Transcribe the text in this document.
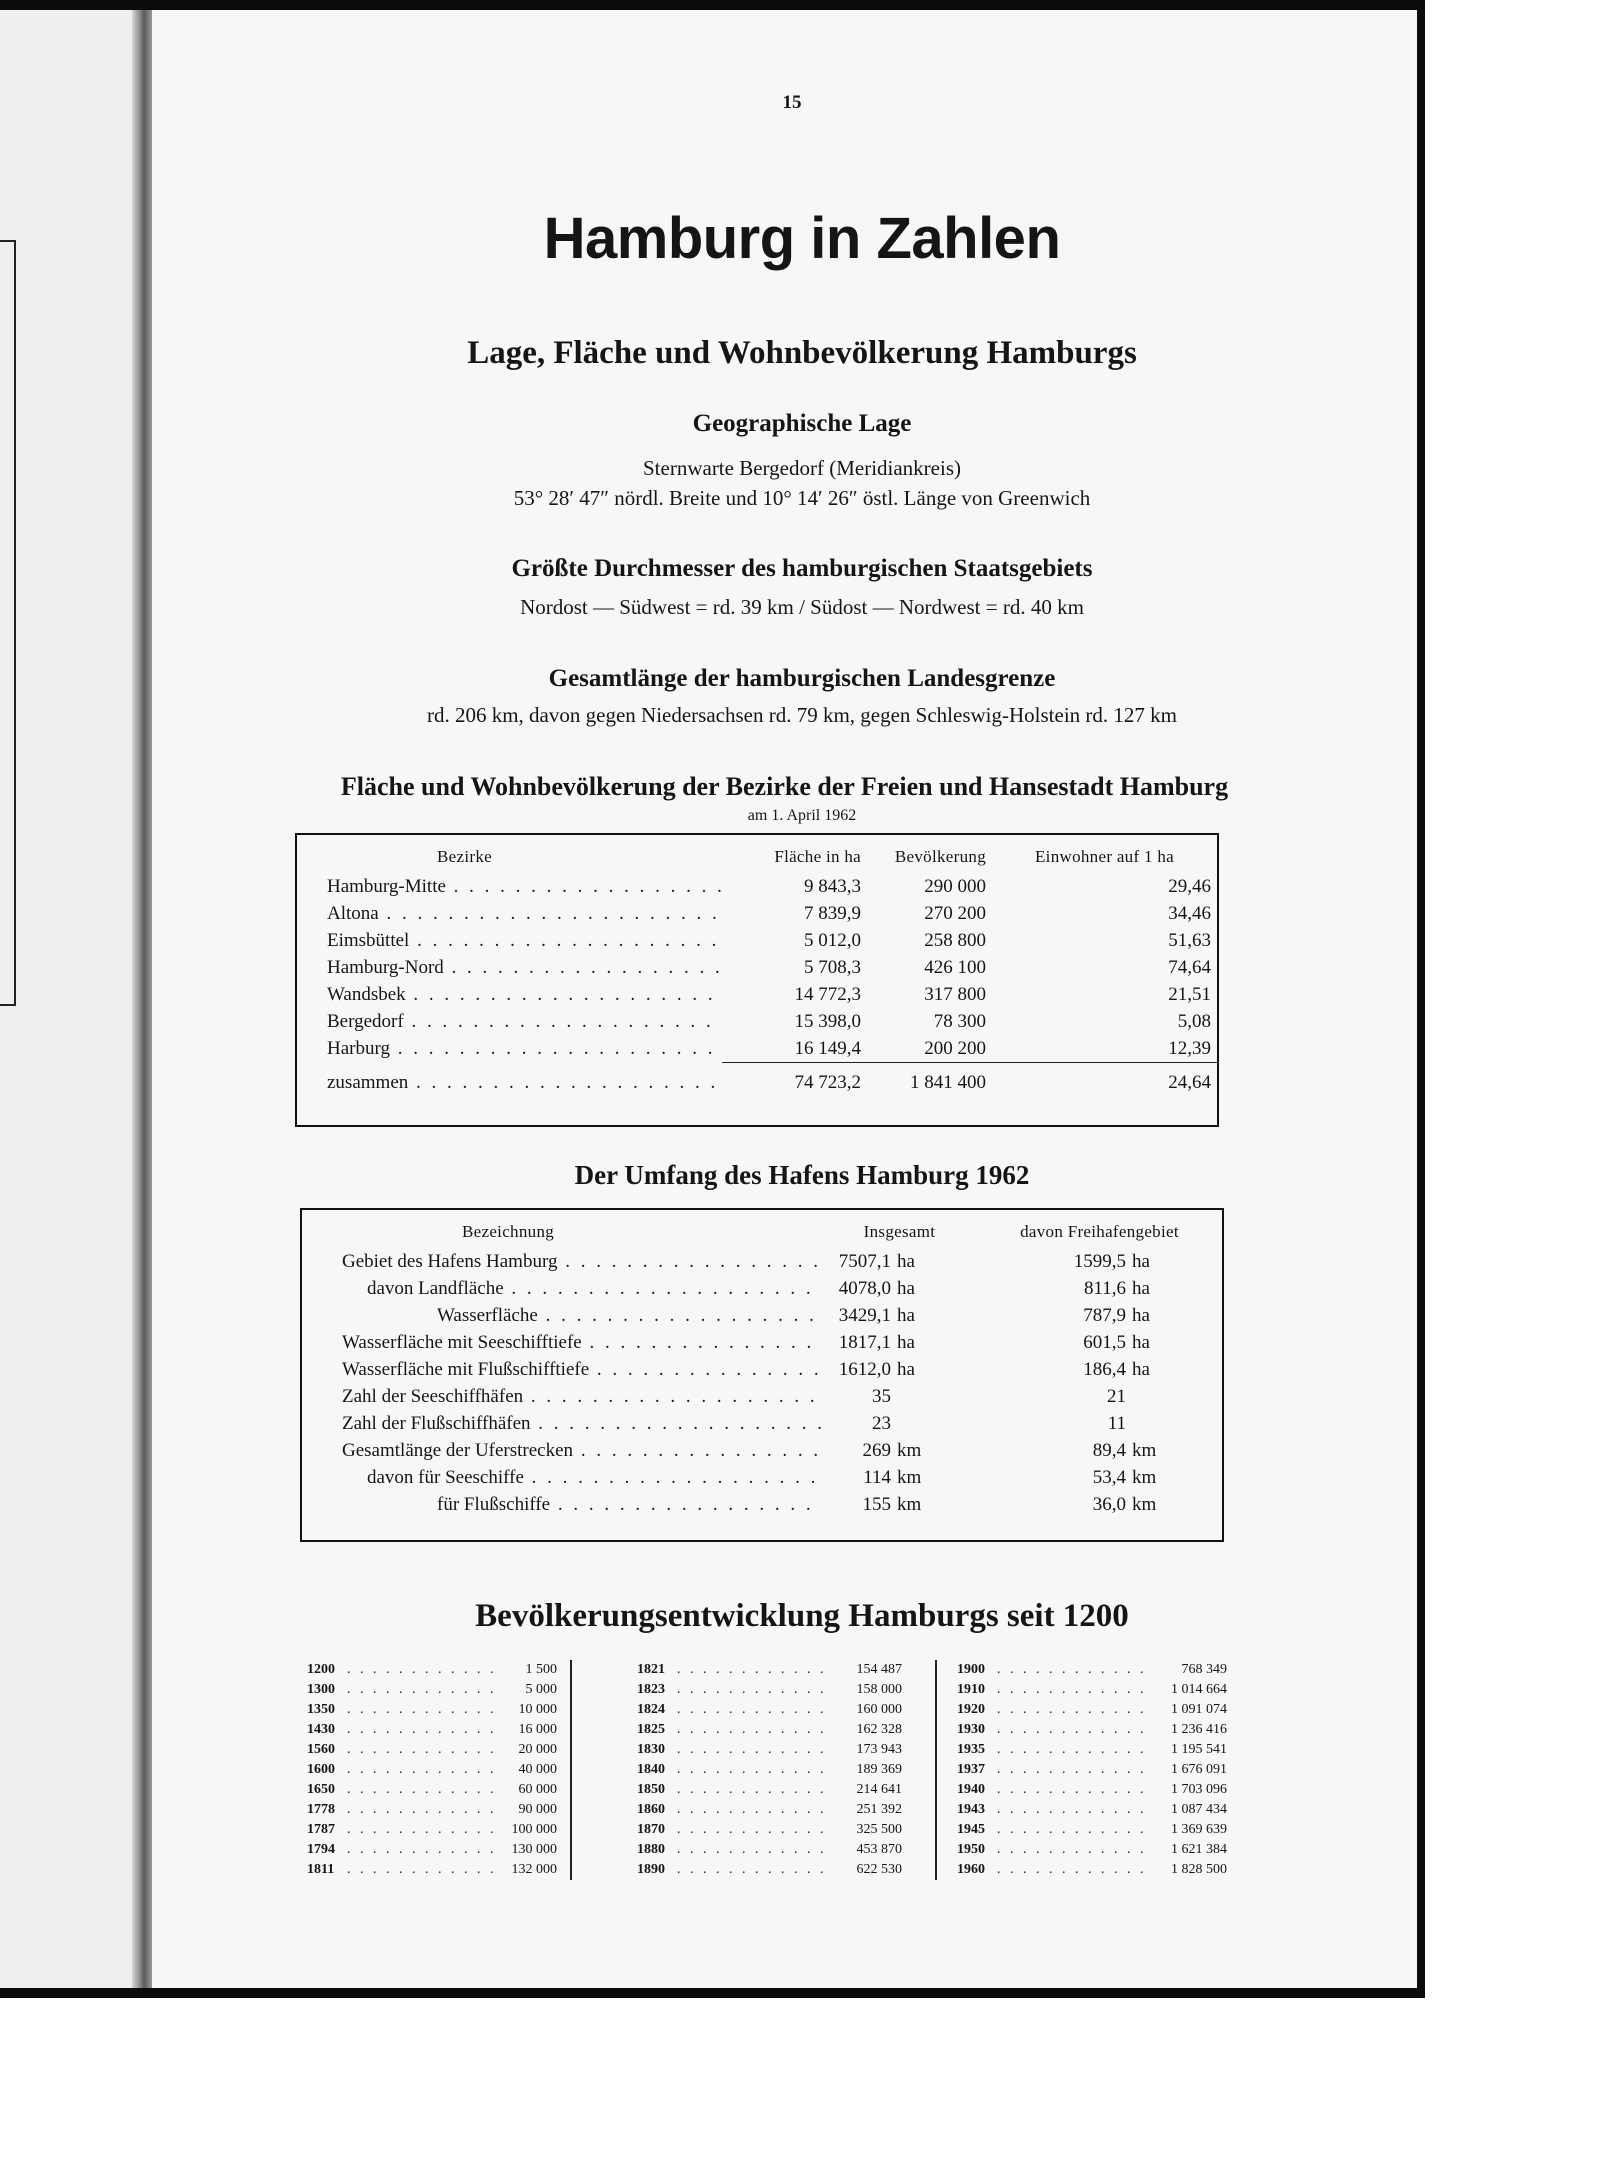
15
Hamburg in Zahlen
Lage, Fläche und Wohnbevölkerung Hamburgs
Geographische Lage
Sternwarte Bergedorf (Meridiankreis)
53° 28′ 47″ nördl. Breite und 10° 14′ 26″ östl. Länge von Greenwich
Größte Durchmesser des hamburgischen Staatsgebiets
Nordost — Südwest = rd. 39 km / Südost — Nordwest = rd. 40 km
Gesamtlänge der hamburgischen Landesgrenze
rd. 206 km, davon gegen Niedersachsen rd. 79 km, gegen Schleswig-Holstein rd. 127 km
Fläche und Wohnbevölkerung der Bezirke der Freien und Hansestadt Hamburg
am 1. April 1962
Bezirke	Fläche in ha	Bevölkerung	Einwohner auf 1 ha
Hamburg-Mitte . . .	9 843,3	290 000	29,46
Altona . . .	7 839,9	270 200	34,46
Eimsbüttel . . .	5 012,0	258 800	51,63
Hamburg-Nord . . .	5 708,3	426 100	74,64
Wandsbek . . .	14 772,3	317 800	21,51
Bergedorf . . .	15 398,0	78 300	5,08
Harburg . . .	16 149,4	200 200	12,39

zusammen . . .	74 723,2	1 841 400	24,64
Der Umfang des Hafens Hamburg 1962
Bezeichnung	Insgesamt		davon Freihafengebiet	
Gebiet des Hafens Hamburg . . .	7507,1	ha	1599,5	ha
davon Landfläche . . .	4078,0	ha	811,6	ha
Wasserfläche . . .	3429,1	ha	787,9	ha
Wasserfläche mit Seeschifftiefe . . .	1817,1	ha	601,5	ha
Wasserfläche mit Flußschifftiefe . . .	1612,0	ha	186,4	ha
Zahl der Seeschiffhäfen . . .	35		21	
Zahl der Flußschiffhäfen . . .	23		11	
Gesamtlänge der Uferstrecken . . .	269	km	89,4	km
davon für Seeschiffe . . .	114	km	53,4	km
für Flußschiffe . . .	155	km	36,0	km
Bevölkerungsentwicklung Hamburgs seit 1200
1200	. . .	1 500
1300	. . .	5 000
1350	. . .	10 000
1430	. . .	16 000
1560	. . .	20 000
1600	. . .	40 000
1650	. . .	60 000
1778	. . .	90 000
1787	. . .	100 000
1794	. . .	130 000
1811	. . .	132 000
1821	. . .	154 487
1823	. . .	158 000
1824	. . .	160 000
1825	. . .	162 328
1830	. . .	173 943
1840	. . .	189 369
1850	. . .	214 641
1860	. . .	251 392
1870	. . .	325 500
1880	. . .	453 870
1890	. . .	622 530
1900	. . .	768 349
1910	. . .	1 014 664
1920	. . .	1 091 074
1930	. . .	1 236 416
1935	. . .	1 195 541
1937	. . .	1 676 091
1940	. . .	1 703 096
1943	. . .	1 087 434
1945	. . .	1 369 639
1950	. . .	1 621 384
1960	. . .	1 828 500
